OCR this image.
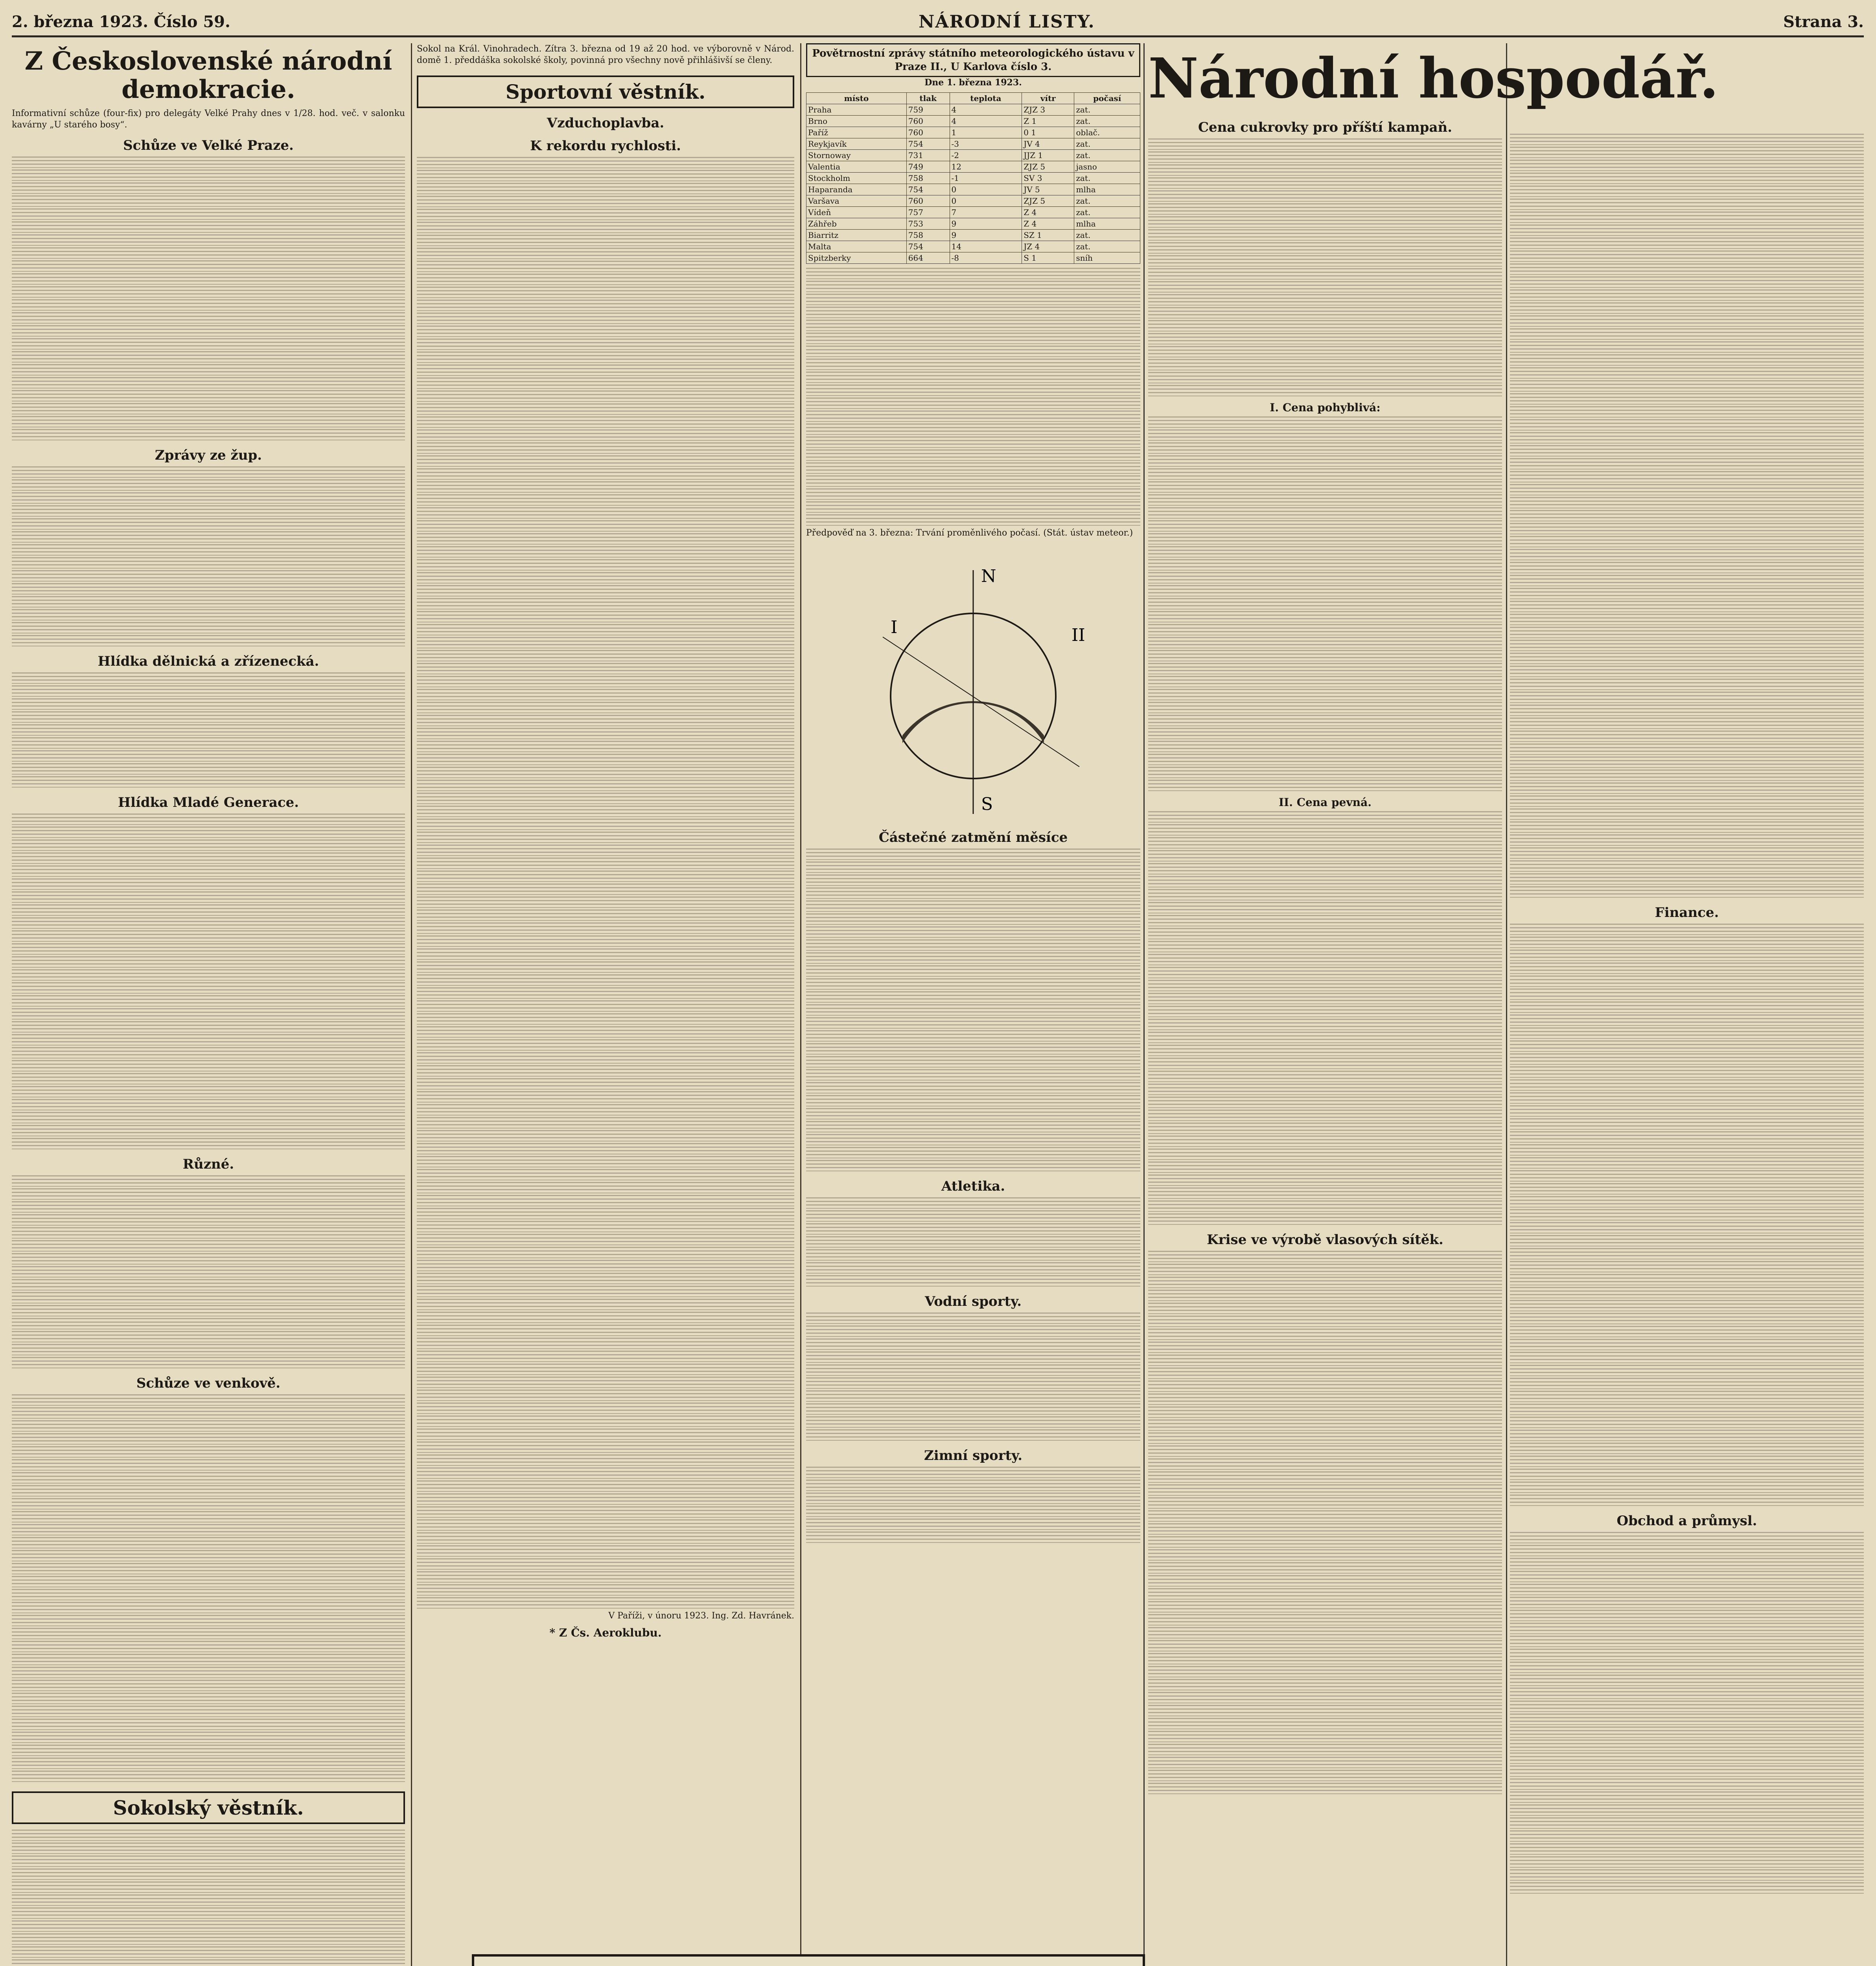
2. března 1923. Číslo 59.	NÁRODNÍ LISTY.	Strana 3.
Z Československé národní demokracie.

Informativní schůze (four-fix) pro delegáty Velké Prahy dnes v 1/28. hod. več. v salonku kavárny „U starého bosy“.

Schůze ve Velké Praze.
Zprávy ze žup.
Hlídka dělnická a zřízenecká.
Hlídka Mladé Generace.
Různé.
Schůze ve venkově.
Sokolský věstník.

Sokol na Král. Vinohradech. Zítra 3. března od 19 až 20 hod. ve výborovně v Národ. domě 1. předdáška sokolské školy, povinná pro všechny nově přihlášivší se členy.

Sportovní věstník.
Vzduchoplavba.
K rekordu rychlosti.

V Paříži, v únoru 1923. Ing. Zd. Havránek.

* Z Čs. Aeroklubu.
Povětrnostní zprávy státního meteorologického ústavu v Praze II., U Karlova číslo 3.

Dne 1. března 1923.

místo	tlak	teplota	vítr	počasí
Praha	759	4	ZJZ 3	zat.
Brno	760	4	Z 1	zat.
Paříž	760	1	0 1	oblač.
Reykjavík	754	-3	JV 4	zat.
Stornoway	731	-2	JJZ 1	zat.
Valentia	749	12	ZJZ 5	jasno
Stockholm	758	-1	SV 3	zat.
Haparanda	754	0	JV 5	mlha
Varšava	760	0	ZJZ 5	zat.
Vídeň	757	7	Z 4	zat.
Záhřeb	753	9	Z 4	mlha
Biarritz	758	9	SZ 1	zat.
Malta	754	14	JZ 4	zat.
Spitzberky	664	-8	S 1	sníh

Předpověď na 3. března: Trvání proměnlivého počasí. (Stát. ústav meteor.)

N
I	II
S
Částečné zatmění měsíce
Atletika.
Vodní sporty.
Zimní sporty.
Národní hospodář.
Cena cukrovky pro příští kampaň.
I. Cena pohyblivá:
II. Cena pevná.
Krise ve výrobě vlasových sítěk.
Finance.
Obchod a průmysl.
